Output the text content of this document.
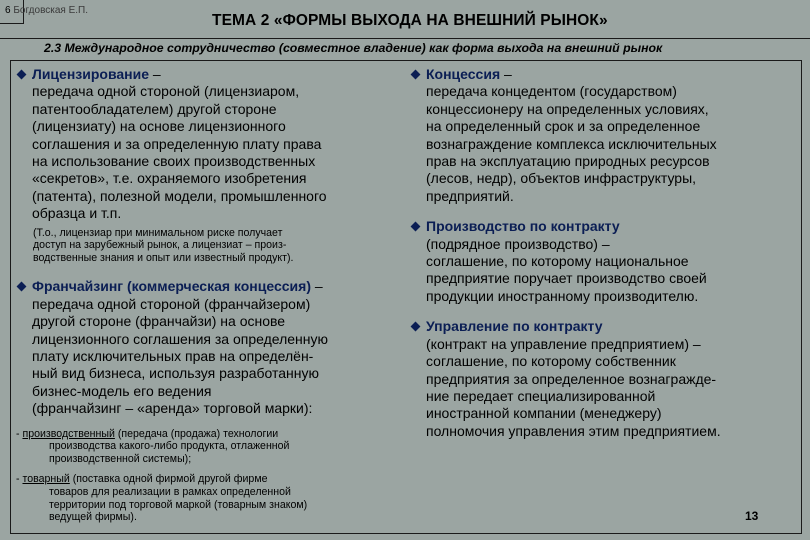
6 Богдовская Е.П.
ТЕМА 2 «ФОРМЫ ВЫХОДА НА ВНЕШНИЙ РЫНОК»
2.3 Международное сотрудничество (совместное владение) как форма выхода на внешний рынок
Лицензирование –
передача одной стороной (лицензиаром,
патентообладателем) другой стороне
(лицензиату) на основе лицензионного
соглашения и за определенную плату права
на использование своих производственных
«секретов», т.е. охраняемого изобретения
(патента), полезной модели, промышленного
образца и т.п.
(Т.о., лицензиар при минимальном риске получает
доступ на зарубежный рынок, а лицензиат – произ-
водственные знания и опыт или известный продукт).
Франчайзинг (коммерческая концессия) –
передача одной стороной (франчайзером)
другой стороне (франчайзи) на основе
лицензионного соглашения за определенную
плату исключительных прав на определён-
ный вид бизнеса, используя разработанную
бизнес-модель его ведения
(франчайзинг – «аренда» торговой марки):
- производственный (передача (продажа) технологии
производства какого-либо продукта, отлаженной
производственной системы);
- товарный (поставка одной фирмой другой фирме
товаров для реализации в рамках определенной
территории под торговой маркой (товарным знаком)
ведущей фирмы).
Концессия –
передача концедентом (государством)
концессионеру на определенных условиях,
на определенный срок и за определенное
вознаграждение комплекса исключительных
прав на эксплуатацию природных ресурсов
(лесов, недр), объектов инфраструктуры,
предприятий.
Производство по контракту
(подрядное производство) –
соглашение, по которому национальное
предприятие поручает производство своей
продукции иностранному производителю.
Управление по контракту
(контракт на управление предприятием) –
соглашение, по которому собственник
предприятия за определенное вознагражде-
ние передает специализированной
иностранной компании (менеджеру)
полномочия управления этим предприятием.
13
